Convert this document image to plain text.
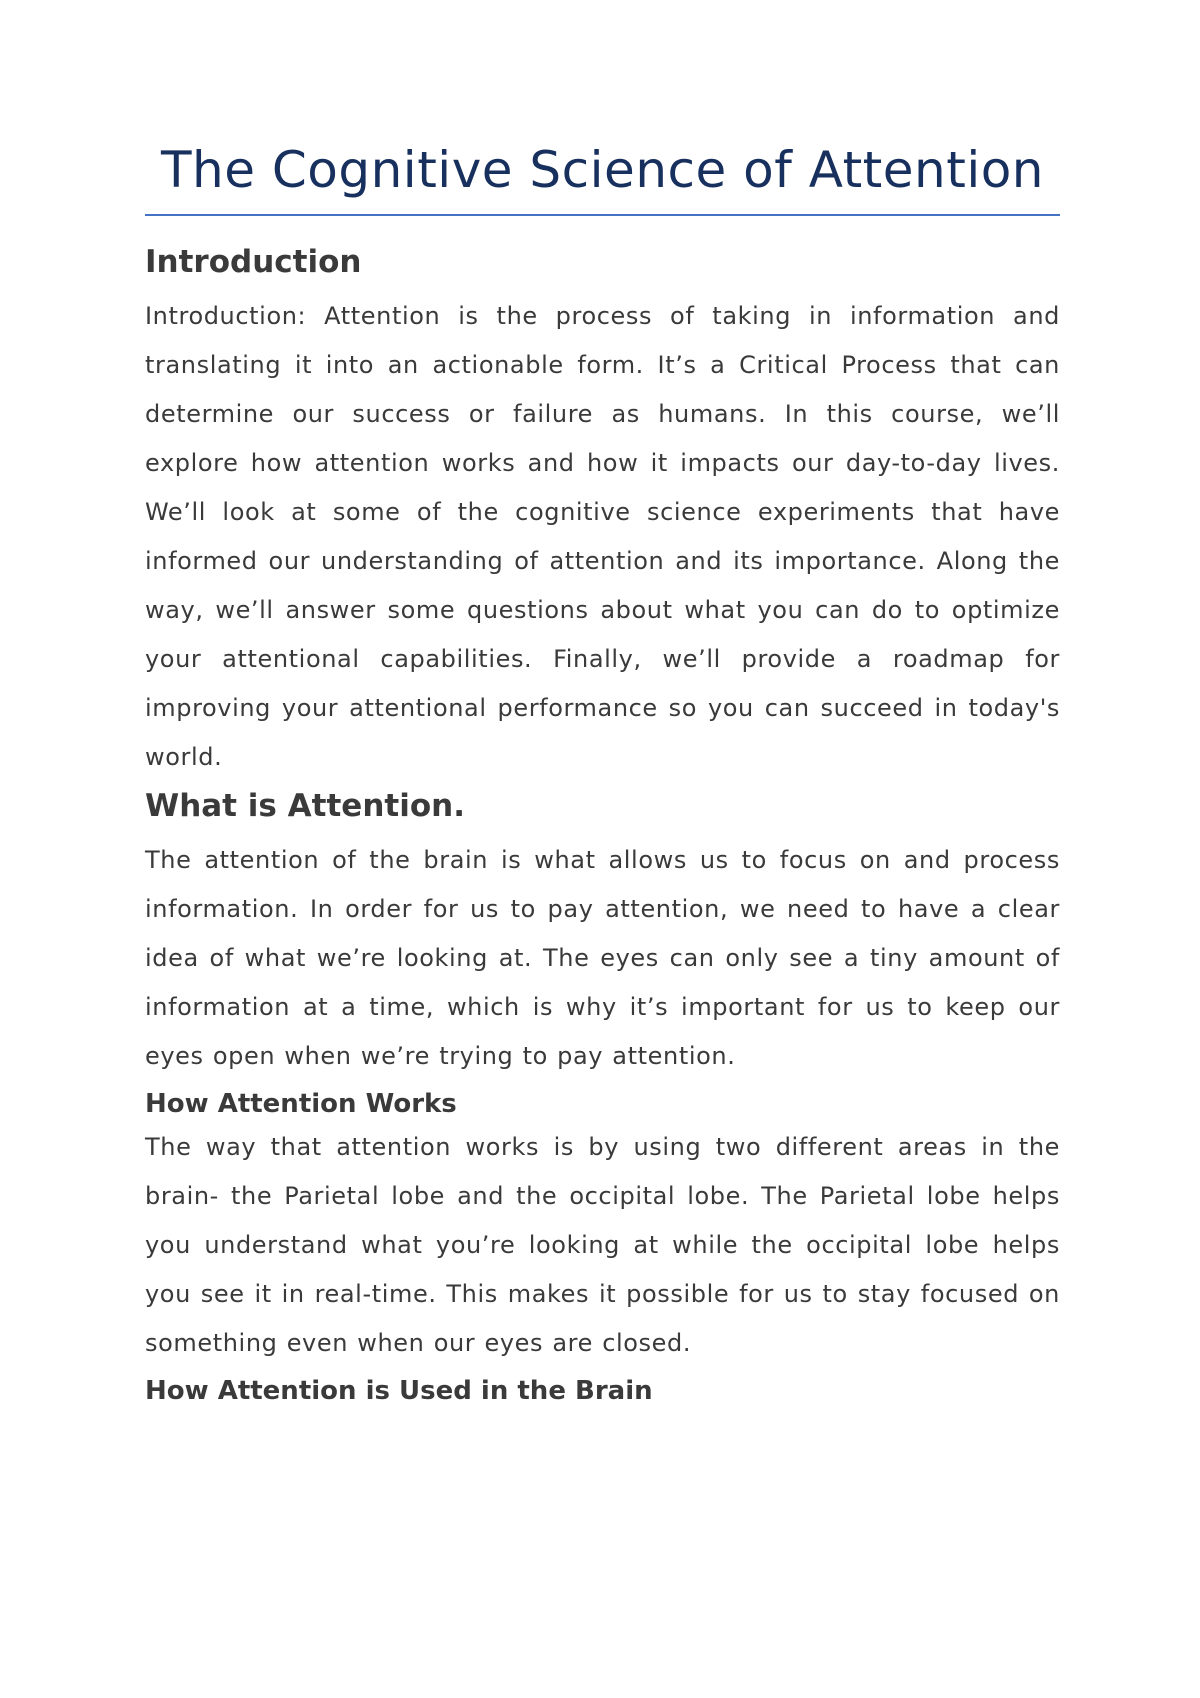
The Cognitive Science of Attention
Introduction

Introduction: Attention is the process of taking in information and translating it into an actionable form. It’s a Critical Process that can determine our success or failure as humans. In this course, we’ll explore how attention works and how it impacts our day-to-day lives. We’ll look at some of the cognitive science experiments that have informed our understanding of attention and its importance. Along the way, we’ll answer some questions about what you can do to optimize your attentional capabilities. Finally, we’ll provide a roadmap for improving your attentional performance so you can succeed in today's world.

What is Attention.

The attention of the brain is what allows us to focus on and process information. In order for us to pay attention, we need to have a clear idea of what we’re looking at. The eyes can only see a tiny amount of information at a time, which is why it’s important for us to keep our eyes open when we’re trying to pay attention.

How Attention Works

The way that attention works is by using two different areas in the brain- the Parietal lobe and the occipital lobe. The Parietal lobe helps you understand what you’re looking at while the occipital lobe helps you see it in real-time. This makes it possible for us to stay focused on something even when our eyes are closed.

How Attention is Used in the Brain
